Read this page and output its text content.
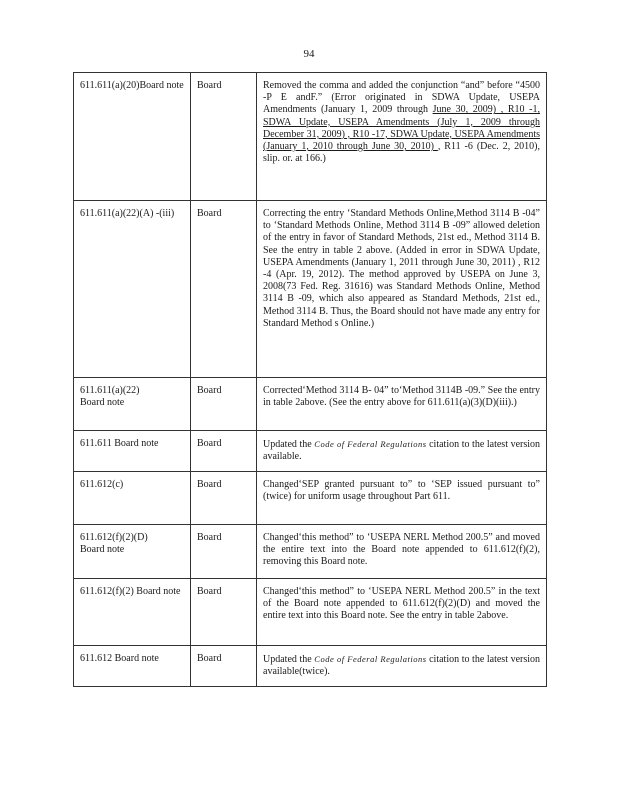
94
611.611(a)(20)Board note	Board	Removed the comma and added the conjunction “and” before “4500 -P E andF.” (Error originated in SDWA Update, USEPA Amendments (January 1, 2009 through June 30, 2009) , R10 -1, SDWA Update, USEPA Amendments (July 1, 2009 through December 31, 2009) , R10 -17, SDWA Update, USEPA Amendments (January 1, 2010 through June 30, 2010) , R11 -6 (Dec. 2, 2010), slip. or. at 166.)
611.611(a)(22)(A) -(iii)	Board	Correcting the entry ‘Standard Methods Online,Method 3114 B -04” to ‘Standard Methods Online, Method 3114 B -09” allowed deletion of the entry in favor of Standard Methods, 21st ed., Method 3114 B. See the entry in table 2 above. (Added in error in SDWA Update, USEPA Amendments (January 1, 2011 through June 30, 2011) , R12 -4 (Apr. 19, 2012). The method approved by USEPA on June 3, 2008(73 Fed. Reg. 31616) was Standard Methods Online, Method 3114 B -09, which also appeared as Standard Methods, 21st ed., Method 3114 B. Thus, the Board should not have made any entry for Standard Method s Online.)
611.611(a)(22)
Board note	Board	Corrected‘Method 3114 B- 04” to‘Method 3114B -09.” See the entry in table 2above. (See the entry above for 611.611(a)(3)(D)(iii).)
611.611 Board note	Board	Updated the Code of Federal Regulations citation to the latest version available.
611.612(c)	Board	Changed‘SEP granted pursuant to” to ‘SEP issued pursuant to” (twice) for uniform usage throughout Part 611.
611.612(f)(2)(D)
Board note	Board	Changed‘this method” to ‘USEPA NERL Method 200.5” and moved the entire text into the Board note appended to 611.612(f)(2), removing this Board note.
611.612(f)(2) Board note	Board	Changed‘this method” to ‘USEPA NERL Method 200.5” in the text of the Board note appended to 611.612(f)(2)(D) and moved the entire text into this Board note. See the entry in table 2above.
611.612 Board note	Board	Updated the Code of Federal Regulations citation to the latest version available(twice).
